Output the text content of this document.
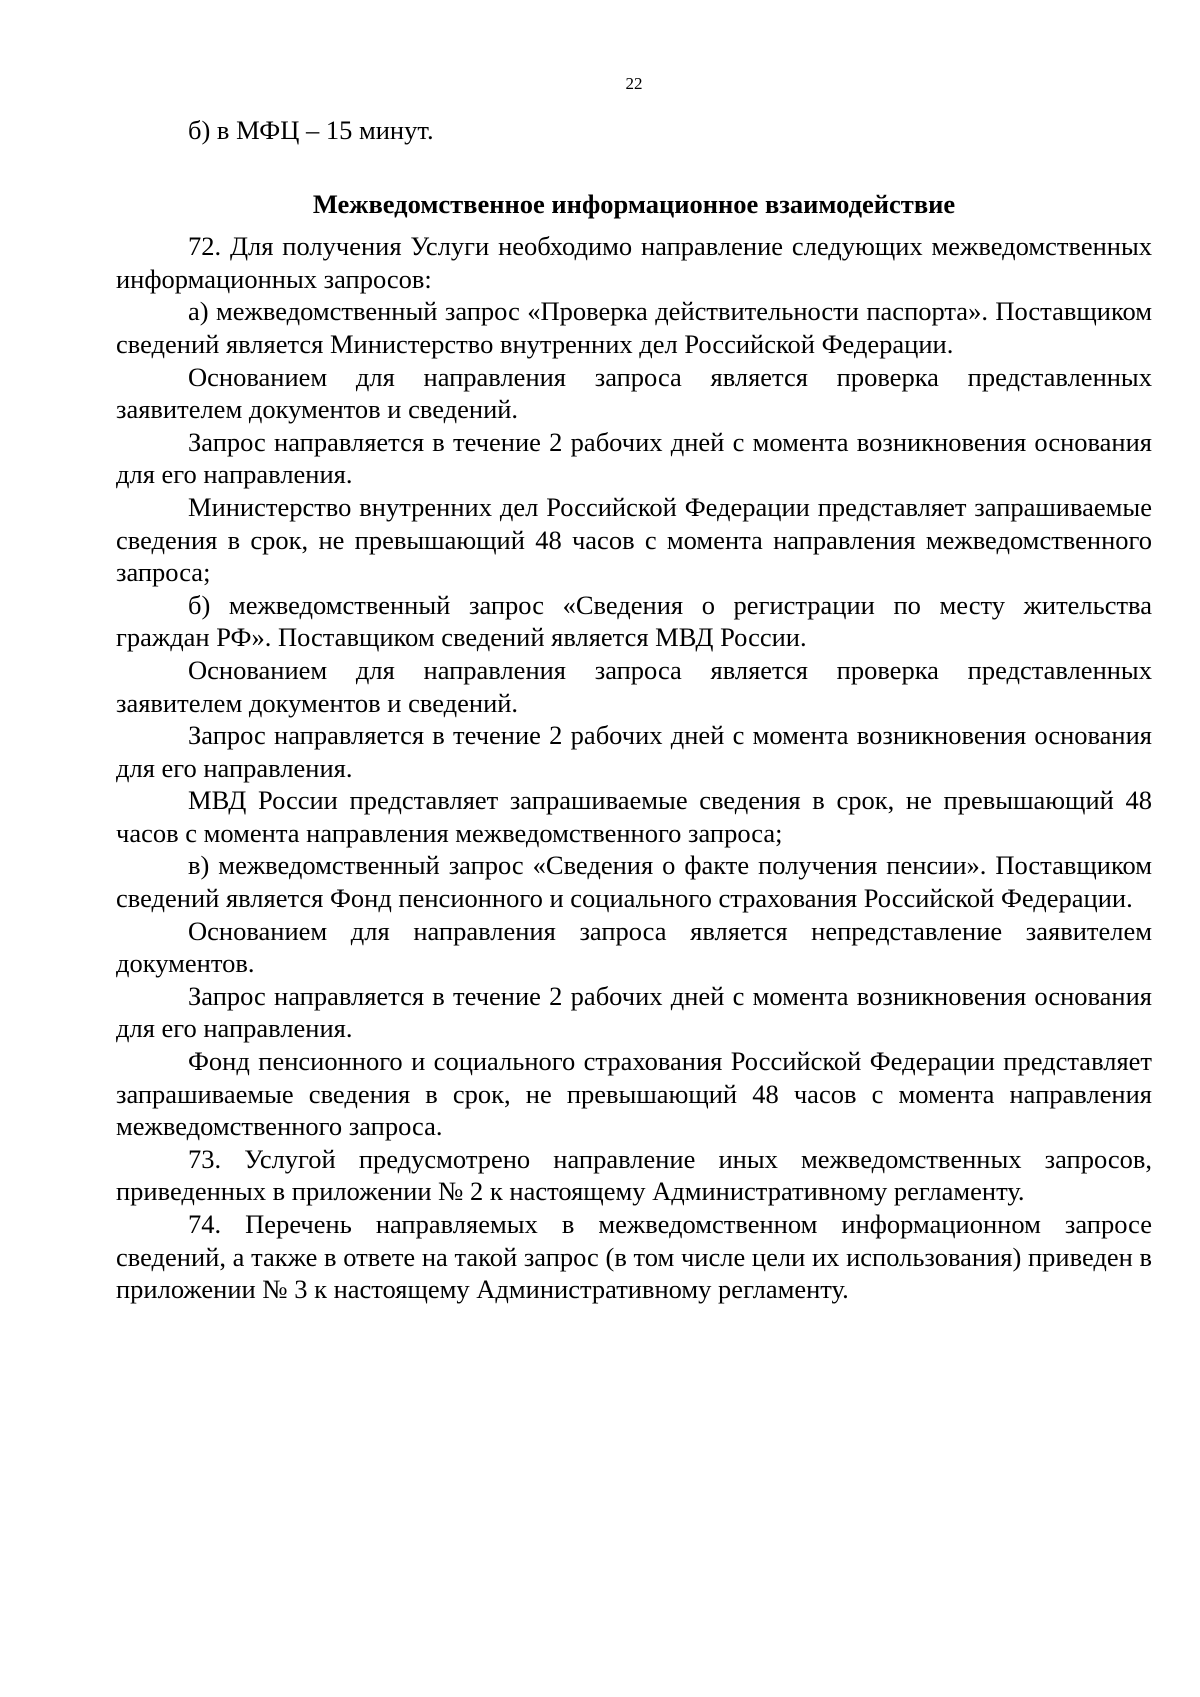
22

б) в МФЦ – 15 минут.

Межведомственное информационное взаимодействие

72. Для получения Услуги необходимо направление следующих межведомственных информационных запросов:

а) межведомственный запрос «Проверка действительности паспорта». Поставщиком сведений является Министерство внутренних дел Российской Федерации.

Основанием для направления запроса является проверка представленных заявителем документов и сведений.

Запрос направляется в течение 2 рабочих дней с момента возникновения основания для его направления.

Министерство внутренних дел Российской Федерации представляет запрашиваемые сведения в срок, не превышающий 48 часов с момента направления межведомственного запроса;

б) межведомственный запрос «Сведения о регистрации по месту жительства граждан РФ». Поставщиком сведений является МВД России.

Основанием для направления запроса является проверка представленных заявителем документов и сведений.

Запрос направляется в течение 2 рабочих дней с момента возникновения основания для его направления.

МВД России представляет запрашиваемые сведения в срок, не превышающий 48 часов с момента направления межведомственного запроса;

в) межведомственный запрос «Сведения о факте получения пенсии». Поставщиком сведений является Фонд пенсионного и социального страхования Российской Федерации.

Основанием для направления запроса является непредставление заявителем документов.

Запрос направляется в течение 2 рабочих дней с момента возникновения основания для его направления.

Фонд пенсионного и социального страхования Российской Федерации представляет запрашиваемые сведения в срок, не превышающий 48 часов с момента направления межведомственного запроса.

73. Услугой предусмотрено направление иных межведомственных запросов, приведенных в приложении № 2 к настоящему Административному регламенту.

74. Перечень направляемых в межведомственном информационном запросе сведений, а также в ответе на такой запрос (в том числе цели их использования) приведен в приложении № 3 к настоящему Административному регламенту.
